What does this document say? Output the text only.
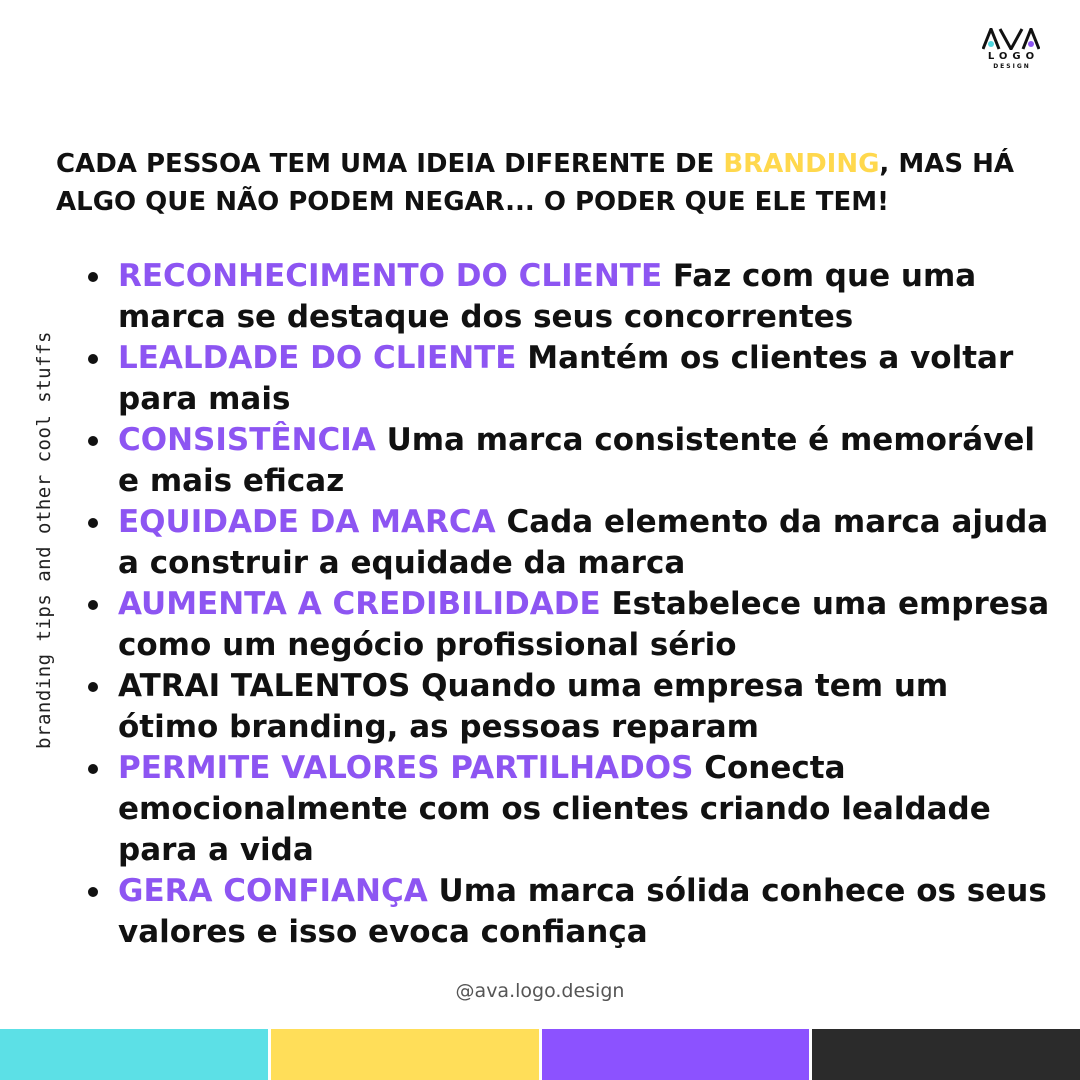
LOGO
DESIGN
branding tips and other cool stuffs
CADA PESSOA TEM UMA IDEIA DIFERENTE DE BRANDING, MAS HÁ ALGO QUE NÃO PODEM NEGAR... O PODER QUE ELE TEM!
RECONHECIMENTO DO CLIENTE Faz com que uma marca se destaque dos seus concorrentes
LEALDADE DO CLIENTE Mantém os clientes a voltar para mais
CONSISTÊNCIA Uma marca consistente é memorável e mais eficaz
EQUIDADE DA MARCA Cada elemento da marca ajuda a construir a equidade da marca
AUMENTA A CREDIBILIDADE Estabelece uma empresa como um negócio profissional sério
ATRAI TALENTOS Quando uma empresa tem um ótimo branding, as pessoas reparam
PERMITE VALORES PARTILHADOS Conecta emocionalmente com os clientes criando lealdade para a vida
GERA CONFIANÇA Uma marca sólida conhece os seus valores e isso evoca confiança
@ava.logo.design
